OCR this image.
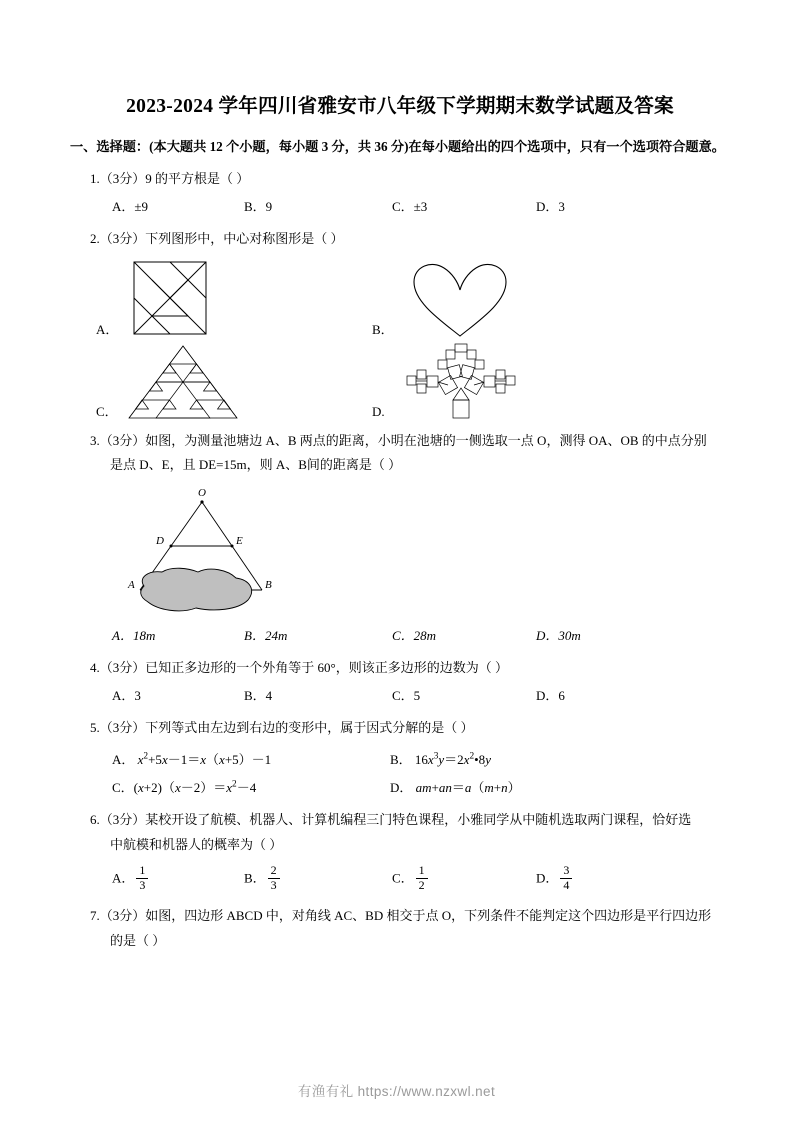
2023-2024 学年四川省雅安市八年级下学期期末数学试题及答案
一、选择题：(本大题共 12 个小题，每小题 3 分，共 36 分)在每小题给出的四个选项中，只有一个选项符合题意。
1.（3分）9 的平方根是（ ）
A．±9	B．9	C．±3	D．3
2.（3分）下列图形中，中心对称图形是（ ）
A．	B．
C．	D.
3.（3分）如图，为测量池塘边 A、B 两点的距离，小明在池塘的一侧选取一点 O，测得 OA、OB 的中点分别
是点 D、E，且 DE=15m，则 A、B间的距离是（ ）
O
D	E
A	B
A．18m	B．24m	C．28m	D．30m
4.（3分）已知正多边形的一个外角等于 60°，则该正多边形的边数为（ ）
A．3	B．4	C．5	D．6
5.（3分）下列等式由左边到右边的变形中，属于因式分解的是（ ）
A． $x^2+5x-1=x(x+5)-1$	B． $16x^3y=2x^2•8y$
C．$(x+2)(x-2)=x^2-4$	D． am+an＝a（m+n）
6.（3分）某校开设了航模、机器人、计算机编程三门特色课程，小雅同学从中随机选取两门课程，恰好选
中航模和机器人的概率为（ ）
A． $\frac{1}{3}$	B． $\frac{2}{3}$	C． $\frac{1}{2}$	D． $\frac{3}{4}$
7.（3分）如图，四边形 ABCD 中，对角线 AC、BD 相交于点 O，下列条件不能判定这个四边形是平行四边形
的是（ ）
有渔有礼 https://www.nzxwl.net
